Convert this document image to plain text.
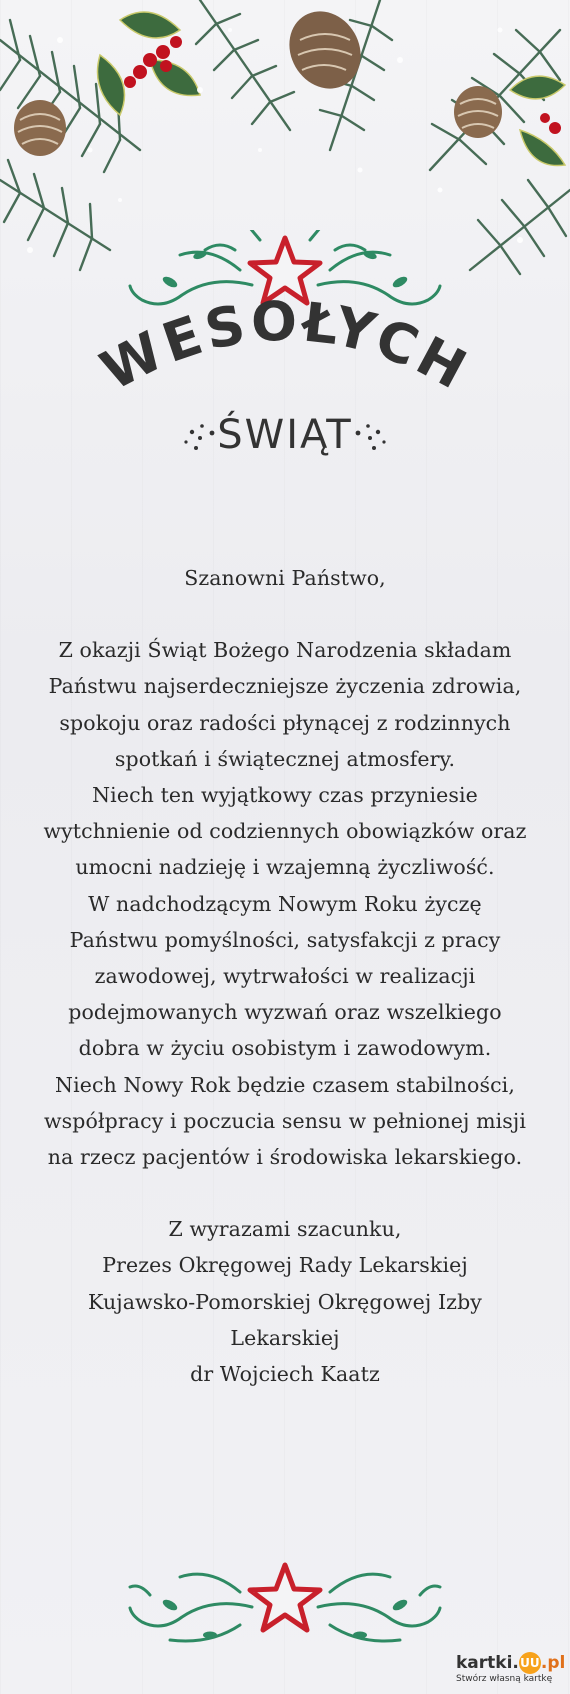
WESOŁYCH
ŚWIĄT

Szanowni Państwo,

Z okazji Świąt Bożego Narodzenia składam

Państwu najserdeczniejsze życzenia zdrowia,

spokoju oraz radości płynącej z rodzinnych

spotkań i świątecznej atmosfery.

Niech ten wyjątkowy czas przyniesie

wytchnienie od codziennych obowiązków oraz

umocni nadzieję i wzajemną życzliwość.

W nadchodzącym Nowym Roku życzę

Państwu pomyślności, satysfakcji z pracy

zawodowej, wytrwałości w realizacji

podejmowanych wyzwań oraz wszelkiego

dobra w życiu osobistym i zawodowym.

Niech Nowy Rok będzie czasem stabilności,

współpracy i poczucia sensu w pełnionej misji

na rzecz pacjentów i środowiska lekarskiego.

Z wyrazami szacunku,

Prezes Okręgowej Rady Lekarskiej

Kujawsko-Pomorskiej Okręgowej Izby

Lekarskiej

dr Wojciech Kaatz

kartki.UU.pl
Stwórz własną kartkę
